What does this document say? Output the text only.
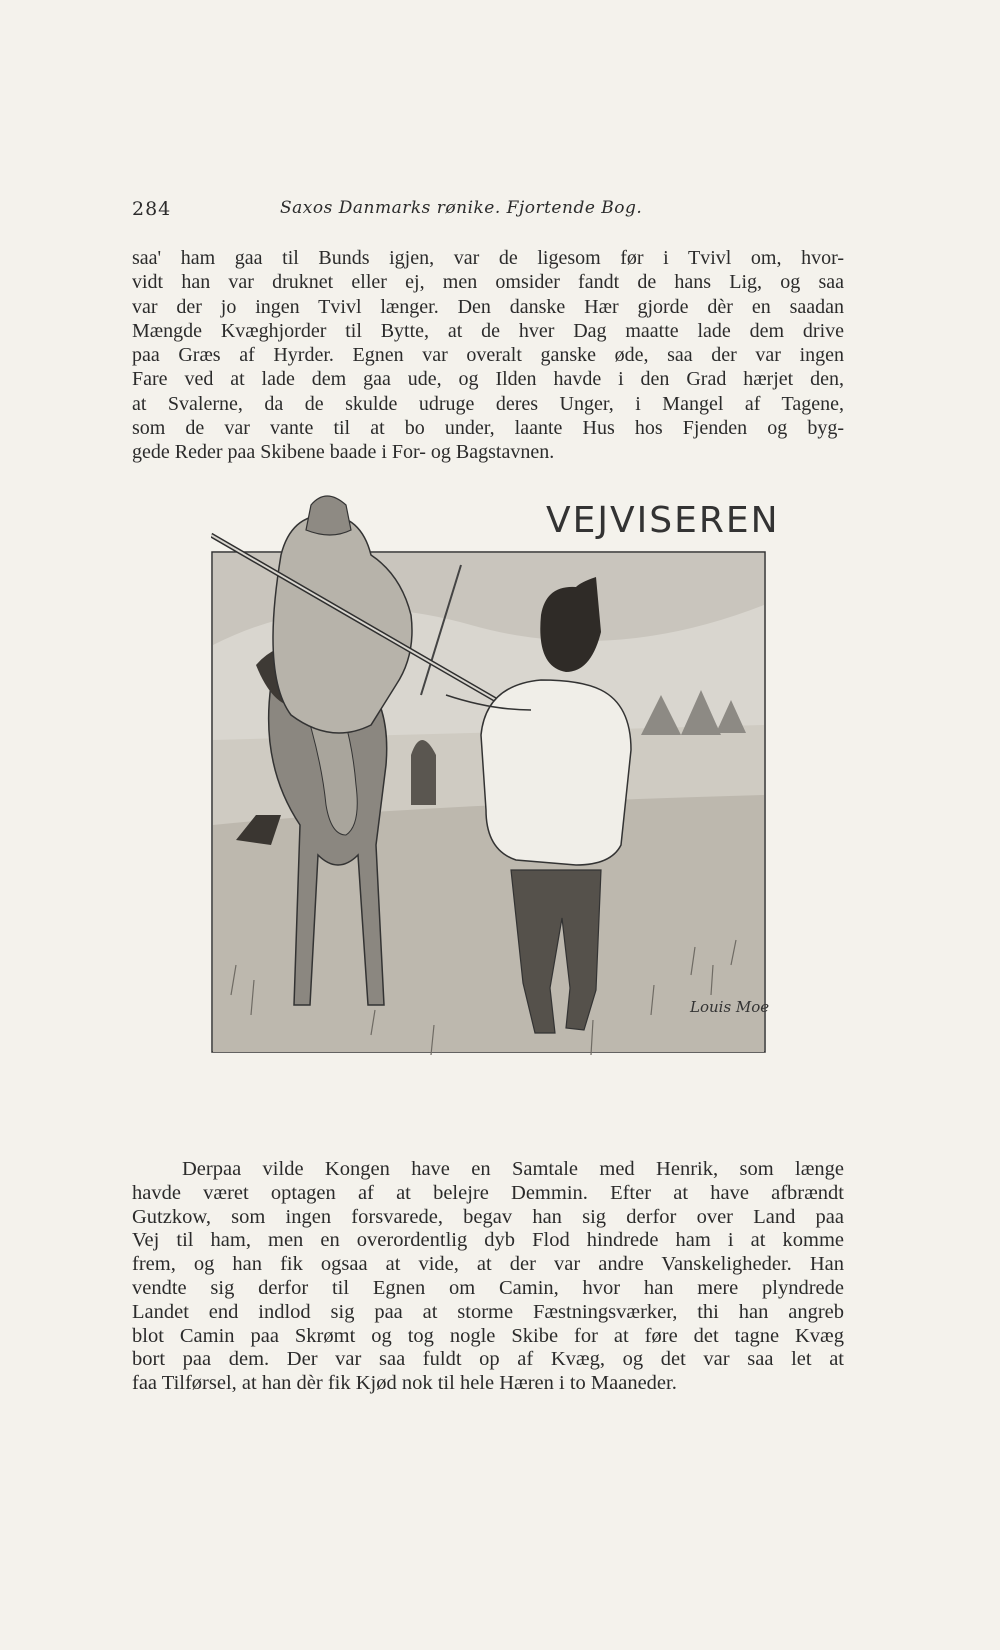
284	Saxos Danmarks rønike. Fjortende Bog.
saa' ham gaa til Bunds igjen, var de ligesom før i Tvivl om, hvor-
vidt han var druknet eller ej, men omsider fandt de hans Lig, og saa
var der jo ingen Tvivl længer. Den danske Hær gjorde dèr en saadan
Mængde Kvæghjorder til Bytte, at de hver Dag maatte lade dem drive
paa Græs af Hyrder. Egnen var overalt ganske øde, saa der var ingen
Fare ved at lade dem gaa ude, og Ilden havde i den Grad hærjet den,
at Svalerne, da de skulde udruge deres Unger, i Mangel af Tagene,
som de var vante til at bo under, laante Hus hos Fjenden og byg-
gede Reder paa Skibene baade i For- og Bagstavnen.
VEJVISEREN
Louis Moe
Derpaa vilde Kongen have en Samtale med Henrik, som længe
havde været optagen af at belejre Demmin. Efter at have afbrændt
Gutzkow, som ingen forsvarede, begav han sig derfor over Land paa
Vej til ham, men en overordentlig dyb Flod hindrede ham i at komme
frem, og han fik ogsaa at vide, at der var andre Vanskeligheder. Han
vendte sig derfor til Egnen om Camin, hvor han mere plyndrede
Landet end indlod sig paa at storme Fæstningsværker, thi han angreb
blot Camin paa Skrømt og tog nogle Skibe for at føre det tagne Kvæg
bort paa dem. Der var saa fuldt op af Kvæg, og det var saa let at
faa Tilførsel, at han dèr fik Kjød nok til hele Hæren i to Maaneder.
